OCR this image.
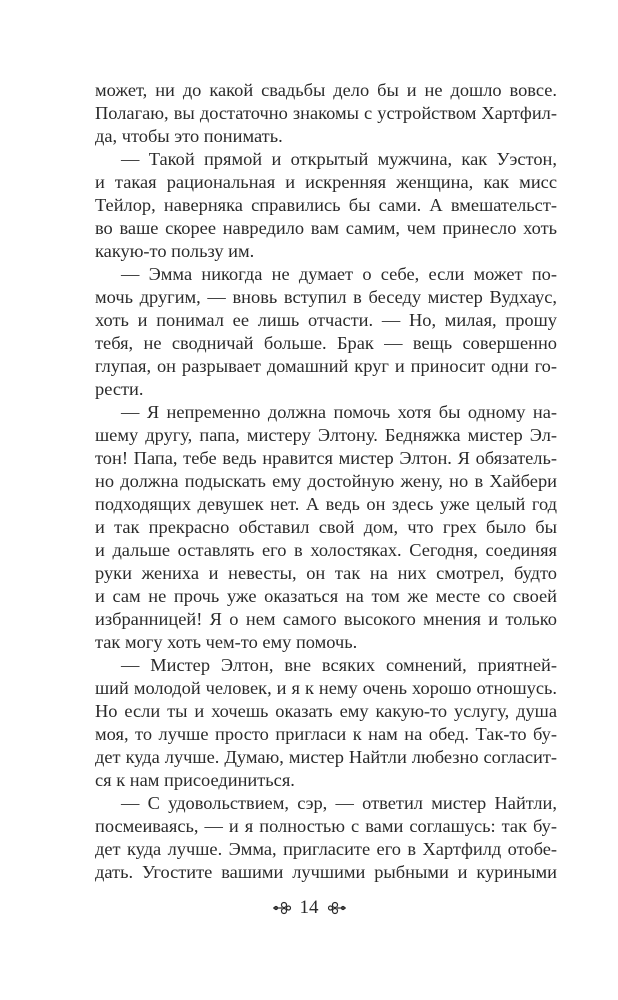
может, ни до какой свадьбы дело бы и не дошло вовсе.
Полагаю, вы достаточно знакомы с устройством Хартфил-
да, чтобы это понимать.
— Такой прямой и открытый мужчина, как Уэстон,
и такая рациональная и искренняя женщина, как мисс
Тейлор, наверняка справились бы сами. А вмешательст-
во ваше скорее навредило вам самим, чем принесло хоть
какую-то пользу им.
— Эмма никогда не думает о себе, если может по-
мочь другим, — вновь вступил в беседу мистер Вудхаус,
хоть и понимал ее лишь отчасти. — Но, милая, прошу
тебя, не сводничай больше. Брак — вещь совершенно
глупая, он разрывает домашний круг и приносит одни го-
рести.
— Я непременно должна помочь хотя бы одному на-
шему другу, папа, мистеру Элтону. Бедняжка мистер Эл-
тон! Папа, тебе ведь нравится мистер Элтон. Я обязатель-
но должна подыскать ему достойную жену, но в Хайбери
подходящих девушек нет. А ведь он здесь уже целый год
и так прекрасно обставил свой дом, что грех было бы
и дальше оставлять его в холостяках. Сегодня, соединяя
руки жениха и невесты, он так на них смотрел, будто
и сам не прочь уже оказаться на том же месте со своей
избранницей! Я о нем самого высокого мнения и только
так могу хоть чем-то ему помочь.
— Мистер Элтон, вне всяких сомнений, приятней-
ший молодой человек, и я к нему очень хорошо отношусь.
Но если ты и хочешь оказать ему какую-то услугу, душа
моя, то лучше просто пригласи к нам на обед. Так-то бу-
дет куда лучше. Думаю, мистер Найтли любезно согласит-
ся к нам присоединиться.
— С удовольствием, сэр, — ответил мистер Найтли,
посмеиваясь, — и я полностью с вами соглашусь: так бу-
дет куда лучше. Эмма, пригласите его в Хартфилд отобе-
дать. Угостите вашими лучшими рыбными и куриными
14
